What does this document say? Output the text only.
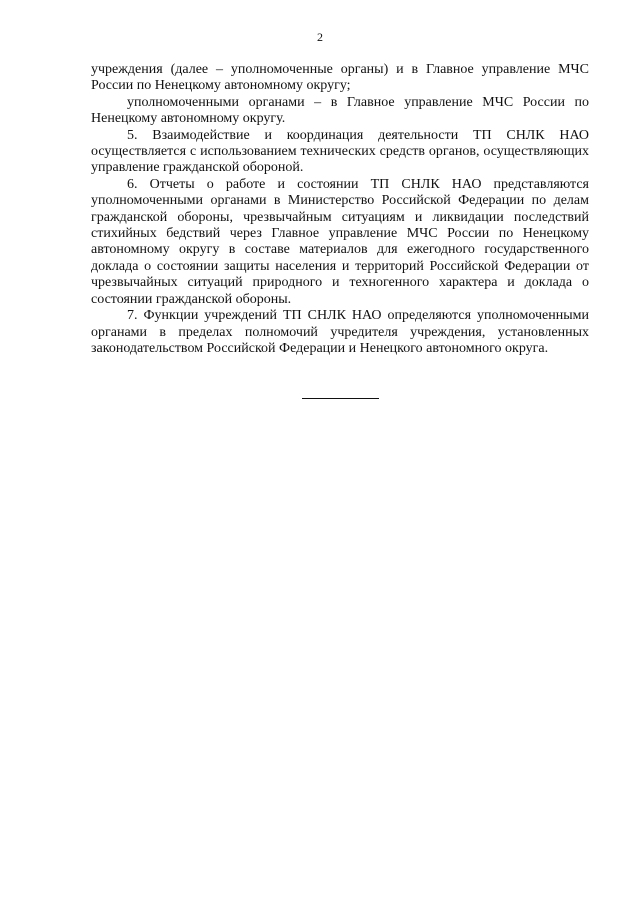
2

учреждения (далее – уполномоченные органы) и в Главное управление МЧС России по Ненецкому автономному округу;

уполномоченными органами – в Главное управление МЧС России по Ненецкому автономному округу.

5. Взаимодействие и координация деятельности ТП СНЛК НАО осуществляется с использованием технических средств органов, осуществляющих управление гражданской обороной.

6. Отчеты о работе и состоянии ТП СНЛК НАО представляются уполномоченными органами в Министерство Российской Федерации по делам гражданской обороны, чрезвычайным ситуациям и ликвидации последствий стихийных бедствий через Главное управление МЧС России по Ненецкому автономному округу в составе материалов для ежегодного государственного доклада о состоянии защиты населения и территорий Российской Федерации от чрезвычайных ситуаций природного и техногенного характера и доклада о состоянии гражданской обороны.

7. Функции учреждений ТП СНЛК НАО определяются уполномоченными органами в пределах полномочий учредителя учреждения, установленных законодательством Российской Федерации и Ненецкого автономного округа.
